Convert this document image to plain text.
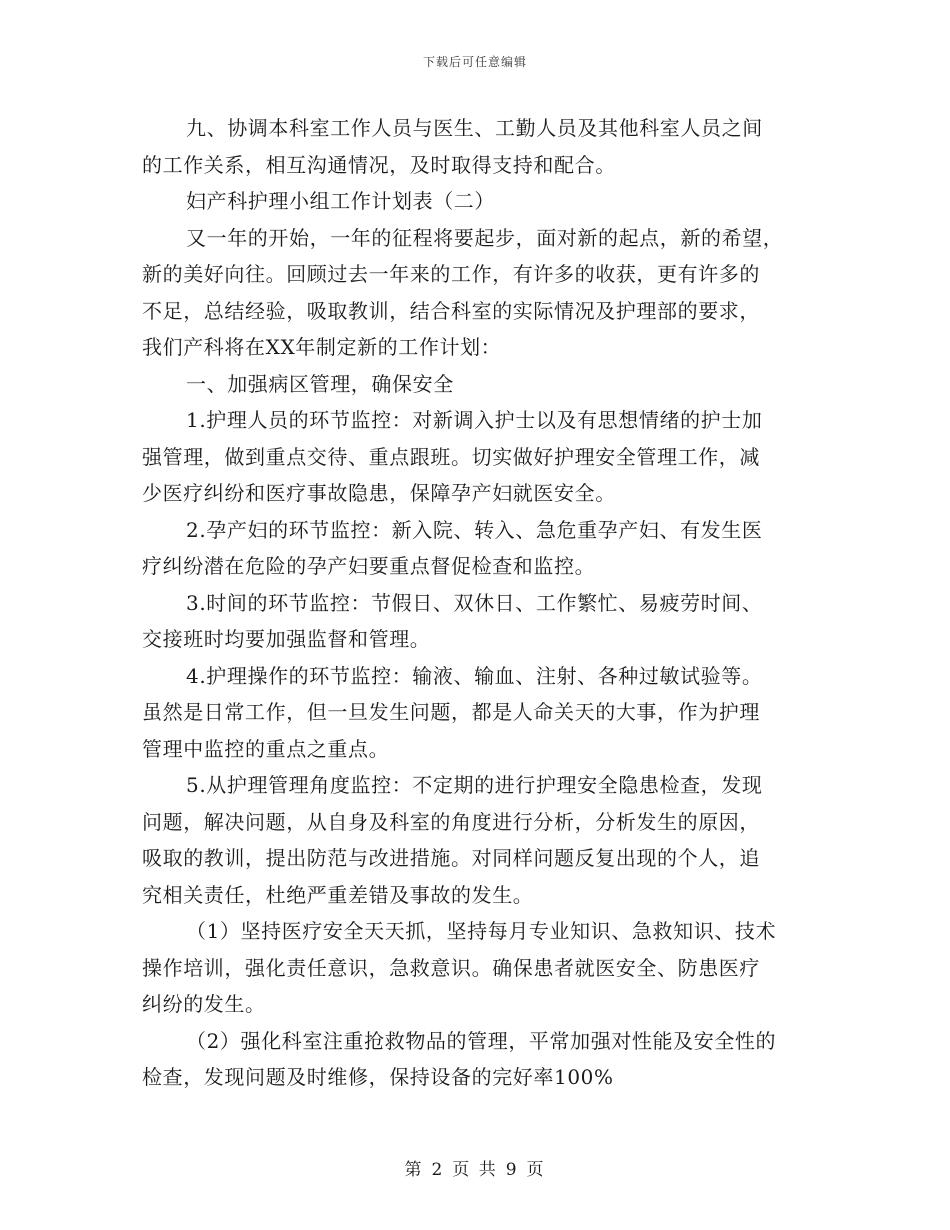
下载后可任意编辑
九、协调本科室工作人员与医生、工勤人员及其他科室人员之间
的工作关系，相互沟通情况，及时取得支持和配合。
妇产科护理小组工作计划表（二）
又一年的开始，一年的征程将要起步，面对新的起点，新的希望，
新的美好向往。回顾过去一年来的工作，有许多的收获，更有许多的
不足，总结经验，吸取教训，结合科室的实际情况及护理部的要求，
我们产科将在XX年制定新的工作计划：
一、加强病区管理，确保安全
1.护理人员的环节监控：对新调入护士以及有思想情绪的护士加
强管理，做到重点交待、重点跟班。切实做好护理安全管理工作，减
少医疗纠纷和医疗事故隐患，保障孕产妇就医安全。
2.孕产妇的环节监控：新入院、转入、急危重孕产妇、有发生医
疗纠纷潜在危险的孕产妇要重点督促检查和监控。
3.时间的环节监控：节假日、双休日、工作繁忙、易疲劳时间、
交接班时均要加强监督和管理。
4.护理操作的环节监控：输液、输血、注射、各种过敏试验等。
虽然是日常工作，但一旦发生问题，都是人命关天的大事，作为护理
管理中监控的重点之重点。
5.从护理管理角度监控：不定期的进行护理安全隐患检查，发现
问题，解决问题，从自身及科室的角度进行分析，分析发生的原因，
吸取的教训，提出防范与改进措施。对同样问题反复出现的个人，追
究相关责任，杜绝严重差错及事故的发生。
（1）坚持医疗安全天天抓，坚持每月专业知识、急救知识、技术
操作培训，强化责任意识，急救意识。确保患者就医安全、防患医疗
纠纷的发生。
（2）强化科室注重抢救物品的管理，平常加强对性能及安全性的
检查，发现问题及时维修，保持设备的完好率100%
第 2 页 共 9 页
